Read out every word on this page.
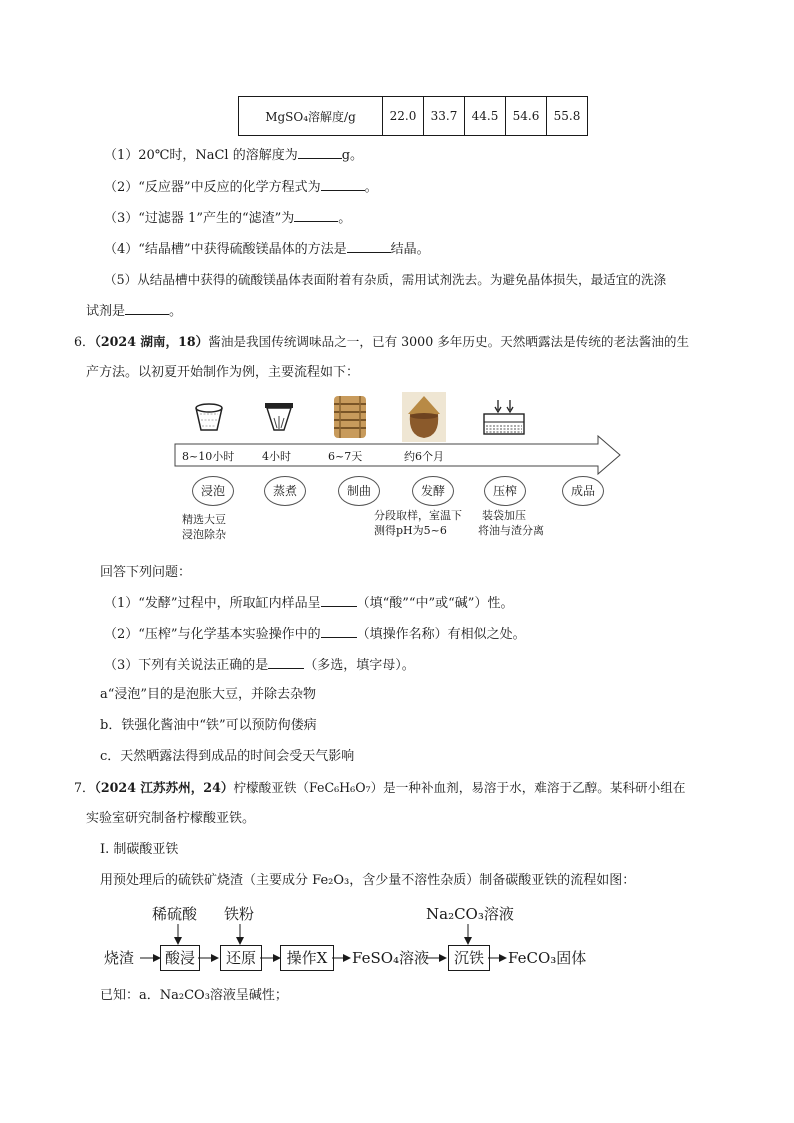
MgSO₄溶解度/g	22.0	33.7	44.5	54.6	55.8
（1）20℃时，NaCl 的溶解度为	g。
（2）“反应器”中反应的化学方程式为	。
（3）“过滤器 1”产生的“滤渣”为	。
（4）“结晶槽”中获得硫酸镁晶体的方法是	结晶。
（5）从结晶槽中获得的硫酸镁晶体表面附着有杂质，需用试剂洗去。为避免晶体损失，最适宜的洗涤
试剂是	。
6．（2024 湖南，18）酱油是我国传统调味品之一，已有 3000 多年历史。天然晒露法是传统的老法酱油的生
产方法。以初夏开始制作为例，主要流程如下：
8~10小时	4小时	6~7天	约6个月
浸泡	蒸煮	制曲	发酵	压榨	成品
精选大豆
浸泡除杂
分段取样，室温下
测得pH为5~6
装袋加压
将油与渣分离
回答下列问题：
（1）“发酵”过程中，所取缸内样品呈	（填“酸”“中”或“碱”）性。
（2）“压榨”与化学基本实验操作中的	（填操作名称）有相似之处。
（3）下列有关说法正确的是	（多选，填字母）。
a“浸泡”目的是泡胀大豆，并除去杂物
b．铁强化酱油中“铁”可以预防佝偻病
c．天然晒露法得到成品的时间会受天气影响
7．（2024 江苏苏州，24）柠檬酸亚铁（FeC₆H₆O₇）是一种补血剂，易溶于水，难溶于乙醇。某科研小组在
实验室研究制备柠檬酸亚铁。
Ⅰ. 制碳酸亚铁
用预处理后的硫铁矿烧渣（主要成分 Fe₂O₃，含少量不溶性杂质）制备碳酸亚铁的流程如图：
稀硫酸 铁粉	Na₂CO₃溶液
烧渣	酸浸	还原	操作X	FeSO₄溶液	沉铁	FeCO₃固体
已知：a．Na₂CO₃溶液呈碱性；
